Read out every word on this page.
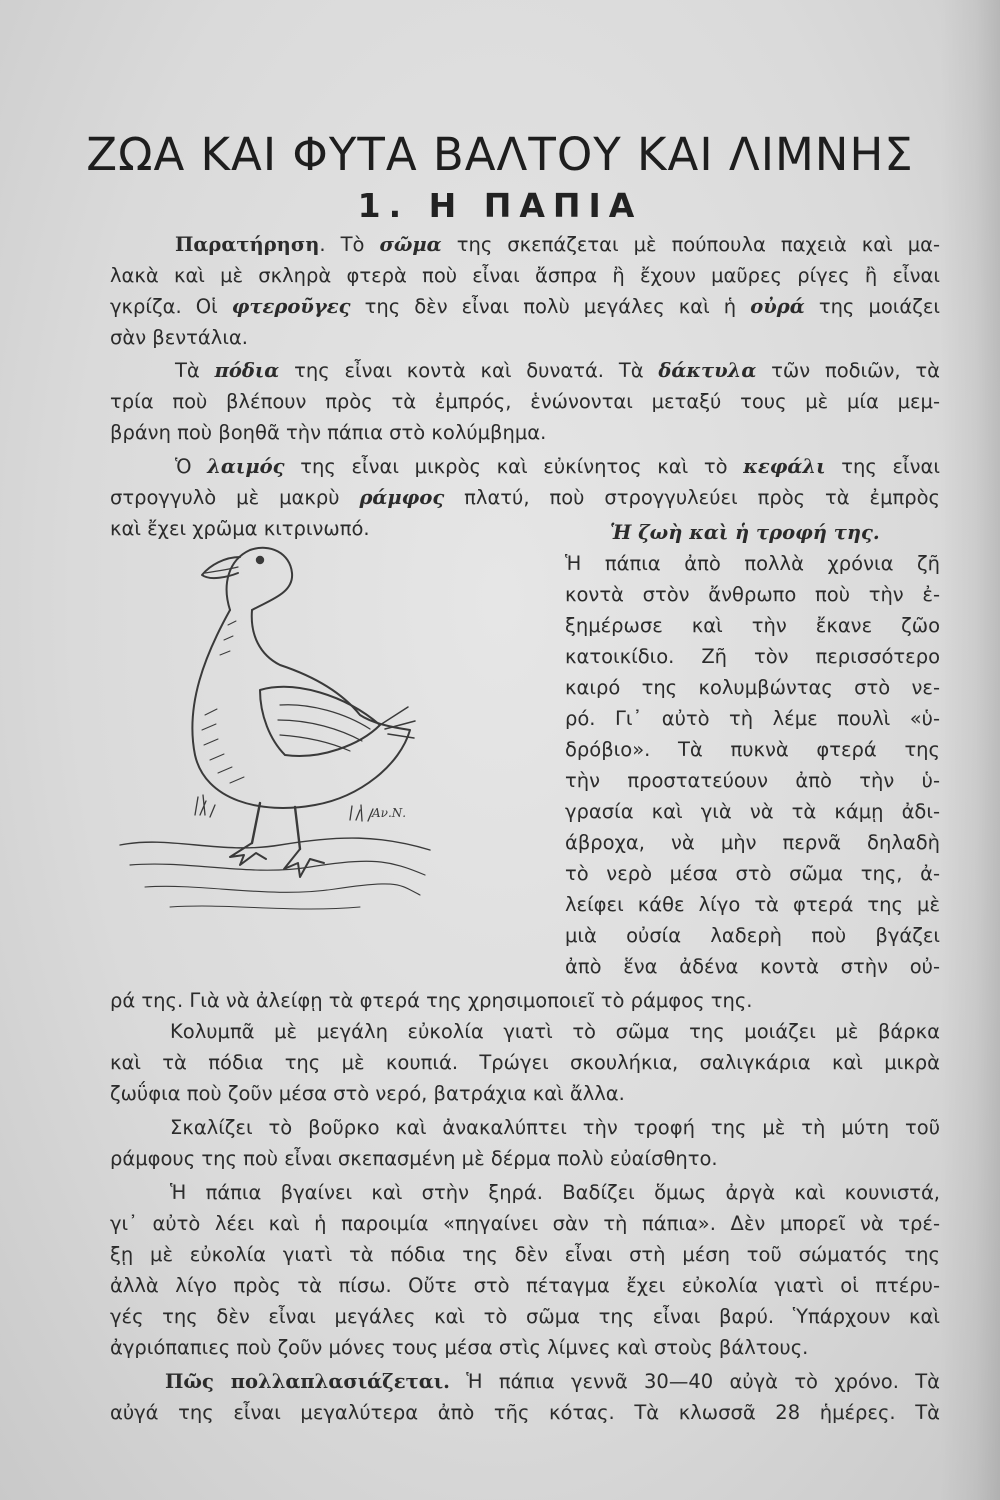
ΖΩΑ ΚΑΙ ΦΥΤΑ ΒΑΛΤΟΥ ΚΑΙ ΛΙΜΝΗΣ
1. Η ΠΑΠΙΑ
Παρατήρηση. Τὸ σῶμα της σκεπάζεται μὲ πούπουλα παχειὰ καὶ μα-
λακὰ καὶ μὲ σκληρὰ φτερὰ ποὺ εἶναι ἄσπρα ἢ ἔχουν μαῦρες ρίγες ἢ εἶναι
γκρίζα. Οἱ φτεροῦγες της δὲν εἶναι πολὺ μεγάλες καὶ ἡ οὐρά της μοιάζει
σὰν βεντάλια.
Τὰ πόδια της εἶναι κοντὰ καὶ δυνατά. Τὰ δάκτυλα τῶν ποδιῶν, τὰ
τρία ποὺ βλέπουν πρὸς τὰ ἐμπρός, ἑνώνονται μεταξύ τους μὲ μία μεμ-
βράνη ποὺ βοηθᾶ τὴν πάπια στὸ κολύμβημα.
Ὁ λαιμός της εἶναι μικρὸς καὶ εὐκίνητος καὶ τὸ κεφάλι της εἶναι
στρογγυλὸ μὲ μακρὺ ράμφος πλατύ, ποὺ στρογγυλεύει πρὸς τὰ ἐμπρὸς
καὶ ἔχει χρῶμα κιτρινωπό.
Αν.Ν.
Ἡ ζωὴ καὶ ἡ τροφή της.
Ἡ πάπια ἀπὸ πολλὰ χρόνια ζῆ
κοντὰ στὸν ἄνθρωπο ποὺ τὴν ἐ-
ξημέρωσε καὶ τὴν ἔκανε ζῶο
κατοικίδιο. Ζῆ τὸν περισσότερο
καιρό της κολυμβώντας στὸ νε-
ρό. Γι᾽ αὐτὸ τὴ λέμε πουλὶ «ὑ-
δρόβιο». Τὰ πυκνὰ φτερά της
τὴν προστατεύουν ἀπὸ τὴν ὑ-
γρασία καὶ γιὰ νὰ τὰ κάμῃ ἀδι-
άβροχα, νὰ μὴν περνᾶ δηλαδὴ
τὸ νερὸ μέσα στὸ σῶμα της, ἀ-
λείφει κάθε λίγο τὰ φτερά της μὲ
μιὰ οὐσία λαδερὴ ποὺ βγάζει
ἀπὸ ἕνα ἀδένα κοντὰ στὴν οὐ-
ρά της. Γιὰ νὰ ἀλείφῃ τὰ φτερά της χρησιμοποιεῖ τὸ ράμφος της.
Κολυμπᾶ μὲ μεγάλη εὐκολία γιατὶ τὸ σῶμα της μοιάζει μὲ βάρκα
καὶ τὰ πόδια της μὲ κουπιά. Τρώγει σκουλήκια, σαλιγκάρια καὶ μικρὰ
ζωΰφια ποὺ ζοῦν μέσα στὸ νερό, βατράχια καὶ ἄλλα.
Σκαλίζει τὸ βοῦρκο καὶ ἀνακαλύπτει τὴν τροφή της μὲ τὴ μύτη τοῦ
ράμφους της ποὺ εἶναι σκεπασμένη μὲ δέρμα πολὺ εὐαίσθητο.
Ἡ πάπια βγαίνει καὶ στὴν ξηρά. Βαδίζει ὅμως ἀργὰ καὶ κουνιστά,
γι᾽ αὐτὸ λέει καὶ ἡ παροιμία «πηγαίνει σὰν τὴ πάπια». Δὲν μπορεῖ νὰ τρέ-
ξῃ μὲ εὐκολία γιατὶ τὰ πόδια της δὲν εἶναι στὴ μέση τοῦ σώματός της
ἀλλὰ λίγο πρὸς τὰ πίσω. Οὔτε στὸ πέταγμα ἔχει εὐκολία γιατὶ οἱ πτέρυ-
γές της δὲν εἶναι μεγάλες καὶ τὸ σῶμα της εἶναι βαρύ. Ὑπάρχουν καὶ
ἀγριόπαπιες ποὺ ζοῦν μόνες τους μέσα στὶς λίμνες καὶ στοὺς βάλτους.
Πῶς πολλαπλασιάζεται. Ἡ πάπια γεννᾶ 30—40 αὐγὰ τὸ χρόνο. Τὰ
αὐγά της εἶναι μεγαλύτερα ἀπὸ τῆς κότας. Τὰ κλωσσᾶ 28 ἡμέρες. Τὰ
